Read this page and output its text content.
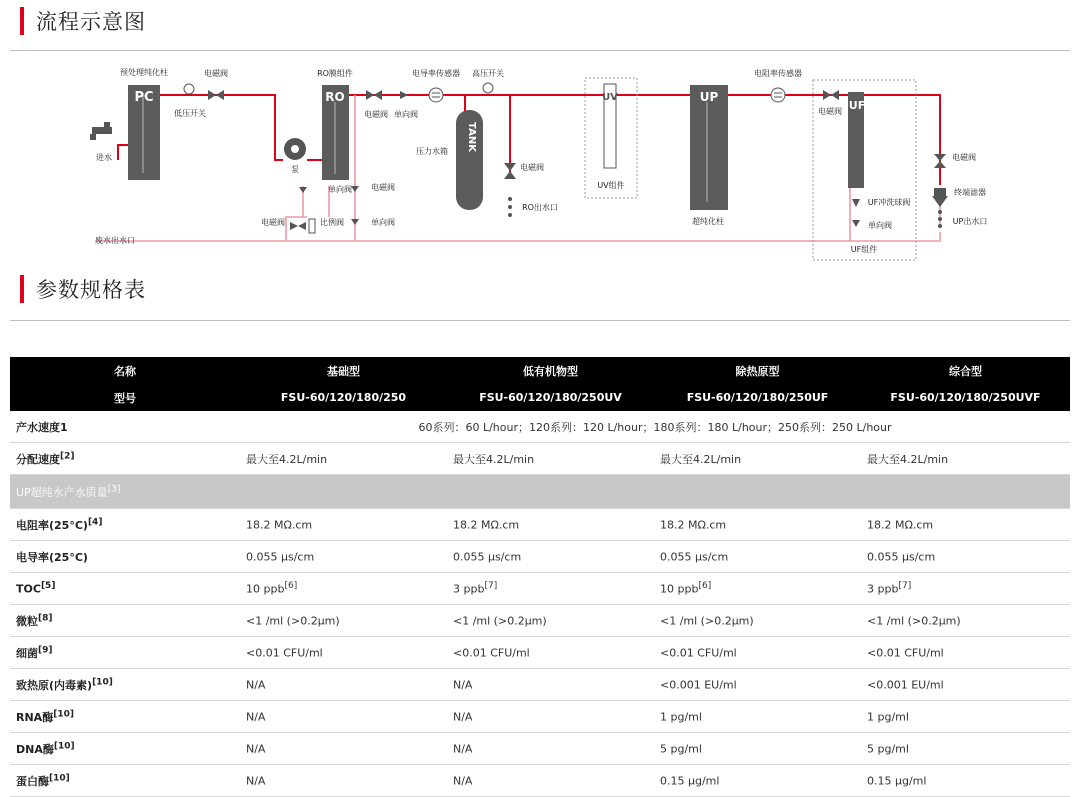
流程示意图
PC
预处理纯化柱
进水
低压开关
电磁阀
泵
RO
RO膜组件
电磁阀 单向阀
电导率传感器 高压开关
TANK
压力水箱
电磁阀
RO出水口
单向阀 电磁阀
电磁阀	比例阀	单向阀
废水出水口
UV
UV组件
UP
超纯化柱
电阻率传感器
电磁阀 UF
UF冲洗球阀
单向阀
UF组件
电磁阀
终端滤器
UP出水口
参数规格表
名称	基础型	低有机物型	除热原型	综合型
型号	FSU-60/120/180/250	FSU-60/120/180/250UV	FSU-60/120/180/250UF	FSU-60/120/180/250UVF
产水速度1	60系列：60 L/hour；120系列：120 L/hour；180系列：180 L/hour；250系列：250 L/hour			
分配速度[2]	最大至4.2L/min	最大至4.2L/min	最大至4.2L/min	最大至4.2L/min
UP超纯水产水质量[3]
电阻率(25°C)[4]	18.2 MΩ.cm	18.2 MΩ.cm	18.2 MΩ.cm	18.2 MΩ.cm
电导率(25°C)	0.055 μs/cm	0.055 μs/cm	0.055 μs/cm	0.055 μs/cm
TOC[5]	10 ppb[6]	3 ppb[7]	10 ppb[6]	3 ppb[7]
微粒[8]	<1 /ml (>0.2μm)	<1 /ml (>0.2μm)	<1 /ml (>0.2μm)	<1 /ml (>0.2μm)
细菌[9]	<0.01 CFU/ml	<0.01 CFU/ml	<0.01 CFU/ml	<0.01 CFU/ml
致热原(内毒素)[10]	N/A	N/A	<0.001 EU/ml	<0.001 EU/ml
RNA酶[10]	N/A	N/A	1 pg/ml	1 pg/ml
DNA酶[10]	N/A	N/A	5 pg/ml	5 pg/ml
蛋白酶[10]	N/A	N/A	0.15 μg/ml	0.15 μg/ml
